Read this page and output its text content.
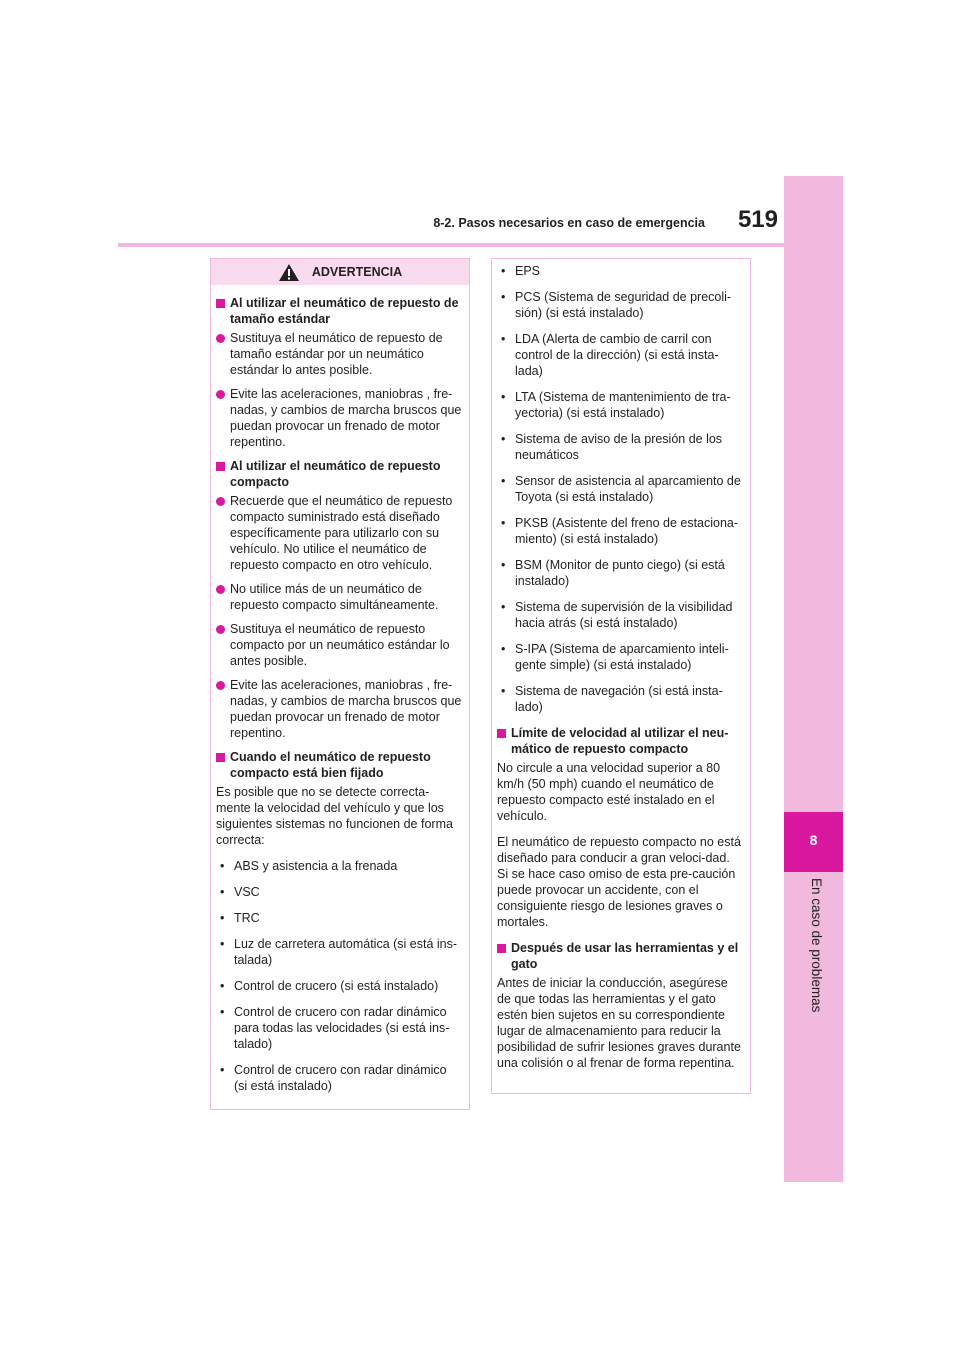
8-2. Pasos necesarios en caso de emergencia	519
8
En caso de problemas
ADVERTENCIA
Al utilizar el neumático de repuesto de tamaño estándar
Sustituya el neumático de repuesto de tamaño estándar por un neumático estándar lo antes posible.
Evite las aceleraciones, maniobras , fre-nadas, y cambios de marcha bruscos que puedan provocar un frenado de motor repentino.
Al utilizar el neumático de repuesto compacto
Recuerde que el neumático de repuesto compacto suministrado está diseñado específicamente para utilizarlo con su vehículo. No utilice el neumático de repuesto compacto en otro vehículo.
No utilice más de un neumático de repuesto compacto simultáneamente.
Sustituya el neumático de repuesto compacto por un neumático estándar lo antes posible.
Evite las aceleraciones, maniobras , fre-nadas, y cambios de marcha bruscos que puedan provocar un frenado de motor repentino.
Cuando el neumático de repuesto compacto está bien fijado
Es posible que no se detecte correcta-mente la velocidad del vehículo y que los siguientes sistemas no funcionen de forma correcta:
• ABS y asistencia a la frenada
• VSC
• TRC
• Luz de carretera automática (si está ins-talada)
• Control de crucero (si está instalado)
• Control de crucero con radar dinámico para todas las velocidades (si está ins-talado)
• Control de crucero con radar dinámico (si está instalado)
• EPS
• PCS (Sistema de seguridad de precoli-sión) (si está instalado)
• LDA (Alerta de cambio de carril con control de la dirección) (si está insta-lada)
• LTA (Sistema de mantenimiento de tra-yectoria) (si está instalado)
• Sistema de aviso de la presión de los neumáticos
• Sensor de asistencia al aparcamiento de Toyota (si está instalado)
• PKSB (Asistente del freno de estaciona-miento) (si está instalado)
• BSM (Monitor de punto ciego) (si está instalado)
• Sistema de supervisión de la visibilidad hacia atrás (si está instalado)
• S-IPA (Sistema de aparcamiento inteli-gente simple) (si está instalado)
• Sistema de navegación (si está insta-lado)
Límite de velocidad al utilizar el neu-mático de repuesto compacto
No circule a una velocidad superior a 80 km/h (50 mph) cuando el neumático de repuesto compacto esté instalado en el vehículo.
El neumático de repuesto compacto no está diseñado para conducir a gran veloci-dad. Si se hace caso omiso de esta pre-caución puede provocar un accidente, con el consiguiente riesgo de lesiones graves o mortales.
Después de usar las herramientas y el gato
Antes de iniciar la conducción, asegúrese de que todas las herramientas y el gato estén bien sujetos en su correspondiente lugar de almacenamiento para reducir la posibilidad de sufrir lesiones graves durante una colisión o al frenar de forma repentina.
